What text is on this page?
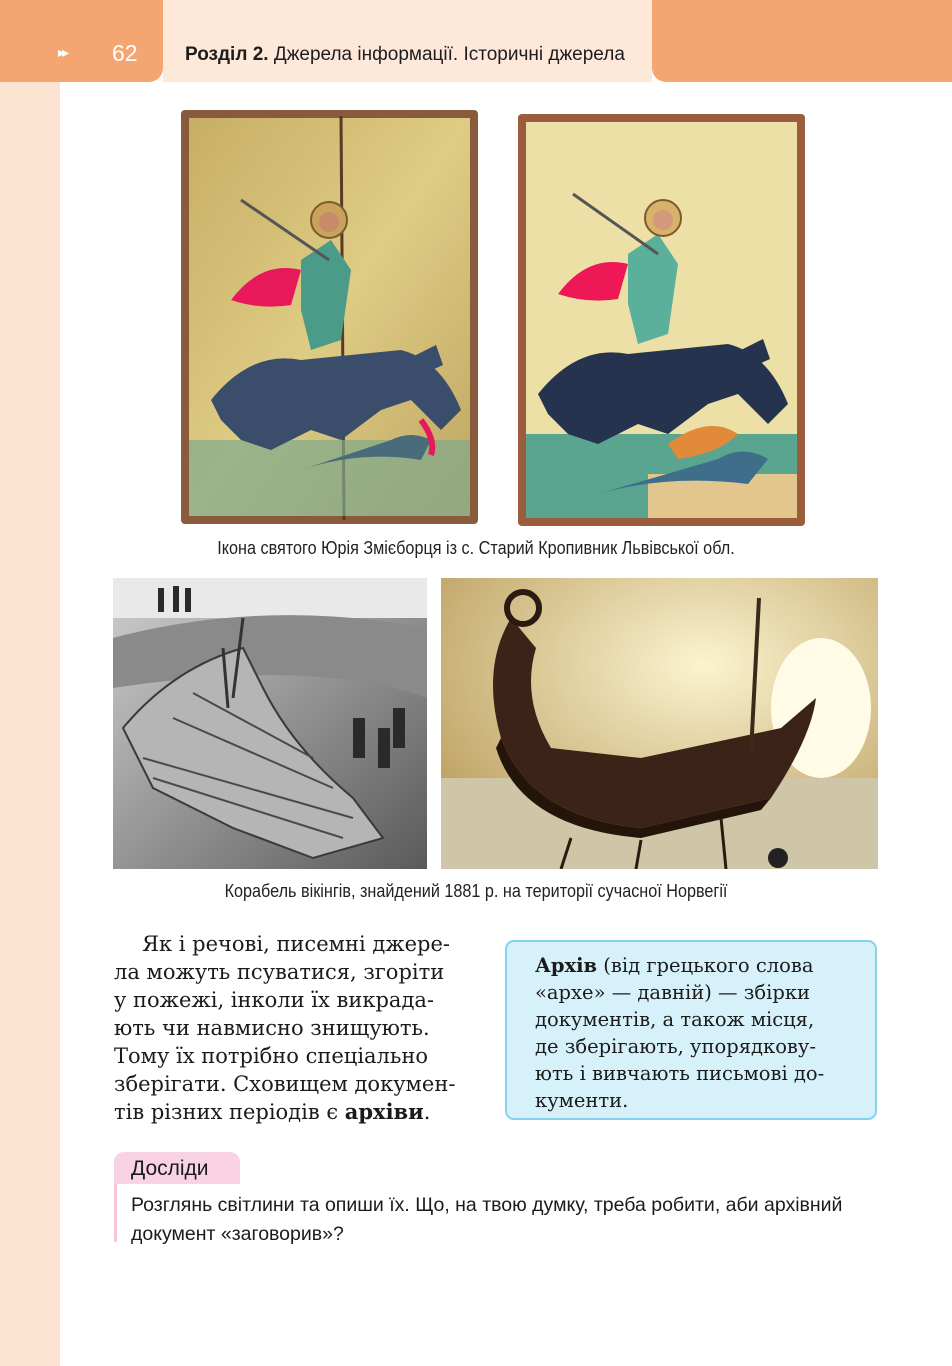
▸▸ 62 Розділ 2. Джерела інформації. Історичні джерела
Ікона святого Юрія Змієборця із с. Старий Кропивник Львівської обл.
Корабель вікінгів, знайдений 1881 р. на території сучасної Норвегії
Як і речові, писемні джере-
ла можуть псуватися, згоріти
у пожежі, інколи їх викрада-
ють чи навмисно знищують.
Тому їх потрібно спеціально
зберігати. Сховищем докумен-
тів різних періодів є архіви.
Архів (від грецького слова
«архе» — давній) — збірки
документів, а також місця,
де зберігають, упорядкову-
ють і вивчають письмові до-
кументи.
Досліди
Розглянь світлини та опиши їх. Що, на твою думку, треба робити, аби архівний
документ «заговорив»?
